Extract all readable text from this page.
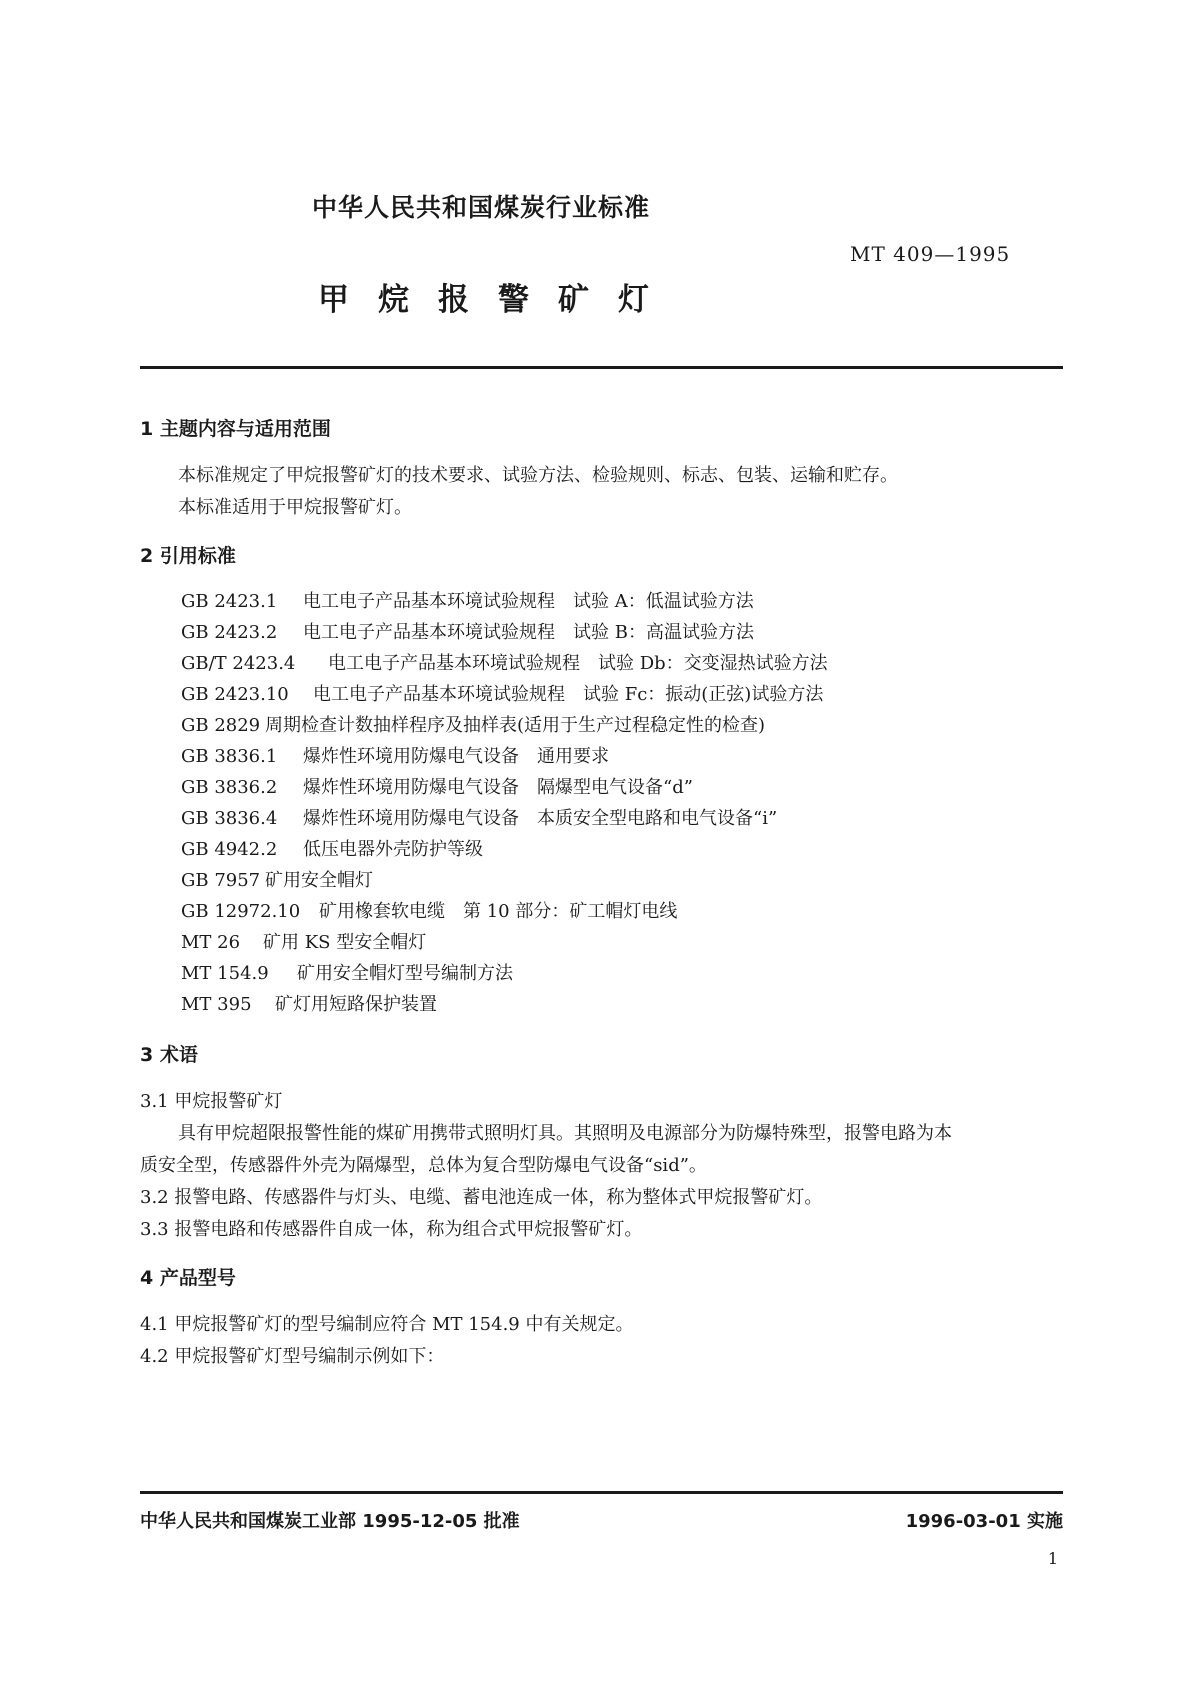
中华人民共和国煤炭行业标准
MT 409—1995
甲烷报警矿灯
1 主题内容与适用范围
本标准规定了甲烷报警矿灯的技术要求、试验方法、检验规则、标志、包装、运输和贮存。
本标准适用于甲烷报警矿灯。
2 引用标准
GB 2423.1 电工电子产品基本环境试验规程　试验 A：低温试验方法
GB 2423.2 电工电子产品基本环境试验规程　试验 B：高温试验方法
GB/T 2423.4 电工电子产品基本环境试验规程　试验 Db：交变湿热试验方法
GB 2423.10 电工电子产品基本环境试验规程　试验 Fc：振动(正弦)试验方法
GB 2829 周期检查计数抽样程序及抽样表(适用于生产过程稳定性的检查)
GB 3836.1 爆炸性环境用防爆电气设备　通用要求
GB 3836.2 爆炸性环境用防爆电气设备　隔爆型电气设备“d”
GB 3836.4 爆炸性环境用防爆电气设备　本质安全型电路和电气设备“i”
GB 4942.2 低压电器外壳防护等级
GB 7957 矿用安全帽灯
GB 12972.10 矿用橡套软电缆　第 10 部分：矿工帽灯电线
MT 26 矿用 KS 型安全帽灯
MT 154.9 矿用安全帽灯型号编制方法
MT 395 矿灯用短路保护装置
3 术语
3.1 甲烷报警矿灯
具有甲烷超限报警性能的煤矿用携带式照明灯具。其照明及电源部分为防爆特殊型，报警电路为本
质安全型，传感器件外壳为隔爆型，总体为复合型防爆电气设备“sid”。
3.2 报警电路、传感器件与灯头、电缆、蓄电池连成一体，称为整体式甲烷报警矿灯。
3.3 报警电路和传感器件自成一体，称为组合式甲烷报警矿灯。
4 产品型号
4.1 甲烷报警矿灯的型号编制应符合 MT 154.9 中有关规定。
4.2 甲烷报警矿灯型号编制示例如下：
中华人民共和国煤炭工业部 1995-12-05 批准	1996-03-01 实施
1
